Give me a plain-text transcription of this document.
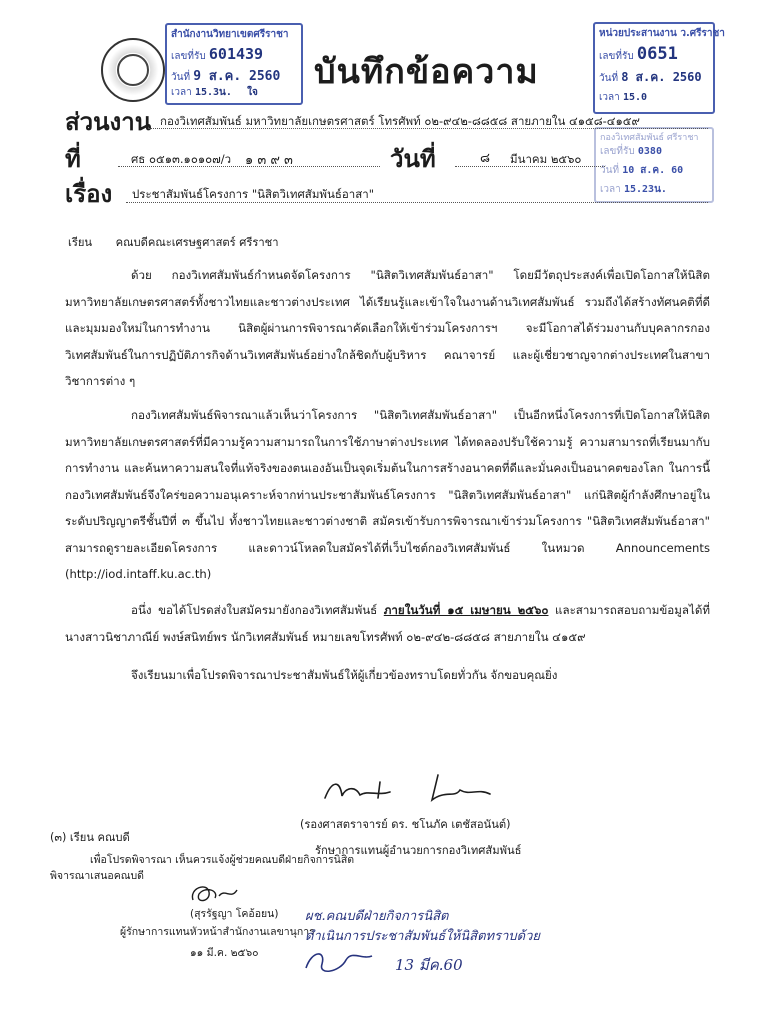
สำนักงานวิทยาเขตศรีราชา
เลขที่รับ 601439
วันที่ 9 ส.ค. 2560
เวลา 15.3น. ใจ
บันทึกข้อความ
หน่วยประสานงาน ว.ศรีราชา
เลขที่รับ 0651
วันที่ 8 ส.ค. 2560
เวลา 15.0
กองวิเทศสัมพันธ์ ศรีราชา
เลขที่รับ 0380
วันที่ 10 ส.ค. 60
เวลา 15.23น.
ส่วนงาน กองวิเทศสัมพันธ์ มหาวิทยาลัยเกษตรศาสตร์ โทรศัพท์ ๐๒-๙๔๒-๘๘๕๘ สายภายใน ๔๑๕๘-๔๑๕๙
ที่	ศธ ๐๕๑๓.๑๐๑๐๗/ว ๑ ๓ ๙ ๓	วันที่	๘ มีนาคม ๒๕๖๐
เรื่อง ประชาสัมพันธ์โครงการ "นิสิตวิเทศสัมพันธ์อาสา"
เรียน คณบดีคณะเศรษฐศาสตร์ ศรีราชา
ด้วย กองวิเทศสัมพันธ์กำหนดจัดโครงการ "นิสิตวิเทศสัมพันธ์อาสา" โดยมีวัตถุประสงค์เพื่อเปิดโอกาสให้นิสิตมหาวิทยาลัยเกษตรศาสตร์ทั้งชาวไทยและชาวต่างประเทศ ได้เรียนรู้และเข้าใจในงานด้านวิเทศสัมพันธ์ รวมถึงได้สร้างทัศนคติที่ดีและมุมมองใหม่ในการทำงาน นิสิตผู้ผ่านการพิจารณาคัดเลือกให้เข้าร่วมโครงการฯ จะมีโอกาสได้ร่วมงานกับบุคลากรกองวิเทศสัมพันธ์ในการปฏิบัติภารกิจด้านวิเทศสัมพันธ์อย่างใกล้ชิดกับผู้บริหาร คณาจารย์ และผู้เชี่ยวชาญจากต่างประเทศในสาขาวิชาการต่าง ๆ
กองวิเทศสัมพันธ์พิจารณาแล้วเห็นว่าโครงการ "นิสิตวิเทศสัมพันธ์อาสา" เป็นอีกหนึ่งโครงการที่เปิดโอกาสให้นิสิตมหาวิทยาลัยเกษตรศาสตร์ที่มีความรู้ความสามารถในการใช้ภาษาต่างประเทศ ได้ทดลองปรับใช้ความรู้ ความสามารถที่เรียนมากับการทำงาน และค้นหาความสนใจที่แท้จริงของตนเองอันเป็นจุดเริ่มต้นในการสร้างอนาคตที่ดีและมั่นคงเป็นอนาคตของโลก ในการนี้ กองวิเทศสัมพันธ์จึงใคร่ขอความอนุเคราะห์จากท่านประชาสัมพันธ์โครงการ "นิสิตวิเทศสัมพันธ์อาสา" แก่นิสิตผู้กำลังศึกษาอยู่ในระดับปริญญาตรีชั้นปีที่ ๓ ขึ้นไป ทั้งชาวไทยและชาวต่างชาติ สมัครเข้ารับการพิจารณาเข้าร่วมโครงการ "นิสิตวิเทศสัมพันธ์อาสา" สามารถดูรายละเอียดโครงการ และดาวน์โหลดใบสมัครได้ที่เว็บไซต์กองวิเทศสัมพันธ์ ในหมวด Announcements (http://iod.intaff.ku.ac.th)
อนึ่ง ขอได้โปรดส่งใบสมัครมายังกองวิเทศสัมพันธ์ ภายในวันที่ ๑๕ เมษายน ๒๕๖๐ และสามารถสอบถามข้อมูลได้ที่ นางสาวนิชาภาณีย์ พงษ์สนิทย์พร นักวิเทศสัมพันธ์ หมายเลขโทรศัพท์ ๐๒-๙๔๒-๘๘๕๘ สายภายใน ๔๑๕๙
จึงเรียนมาเพื่อโปรดพิจารณาประชาสัมพันธ์ให้ผู้เกี่ยวข้องทราบโดยทั่วกัน จักขอบคุณยิ่ง
(รองศาสตราจารย์ ดร. ชโนภัค เตชัสอนันต์)
รักษาการแทนผู้อำนวยการกองวิเทศสัมพันธ์
(๓) เรียน คณบดี
เพื่อโปรดพิจารณา เห็นควรแจ้งผู้ช่วยคณบดีฝ่ายกิจการนิสิต
พิจารณาเสนอคณบดี
(สุรรัฐญา โคอ้อยน)
ผู้รักษาการแทนหัวหน้าสำนักงานเลขานุการ
๑๑ มี.ค. ๒๕๖๐
ผช.คณบดีฝ่ายกิจการนิสิต
ดำเนินการประชาสัมพันธ์ให้นิสิตทราบด้วย
13 มีค.60
